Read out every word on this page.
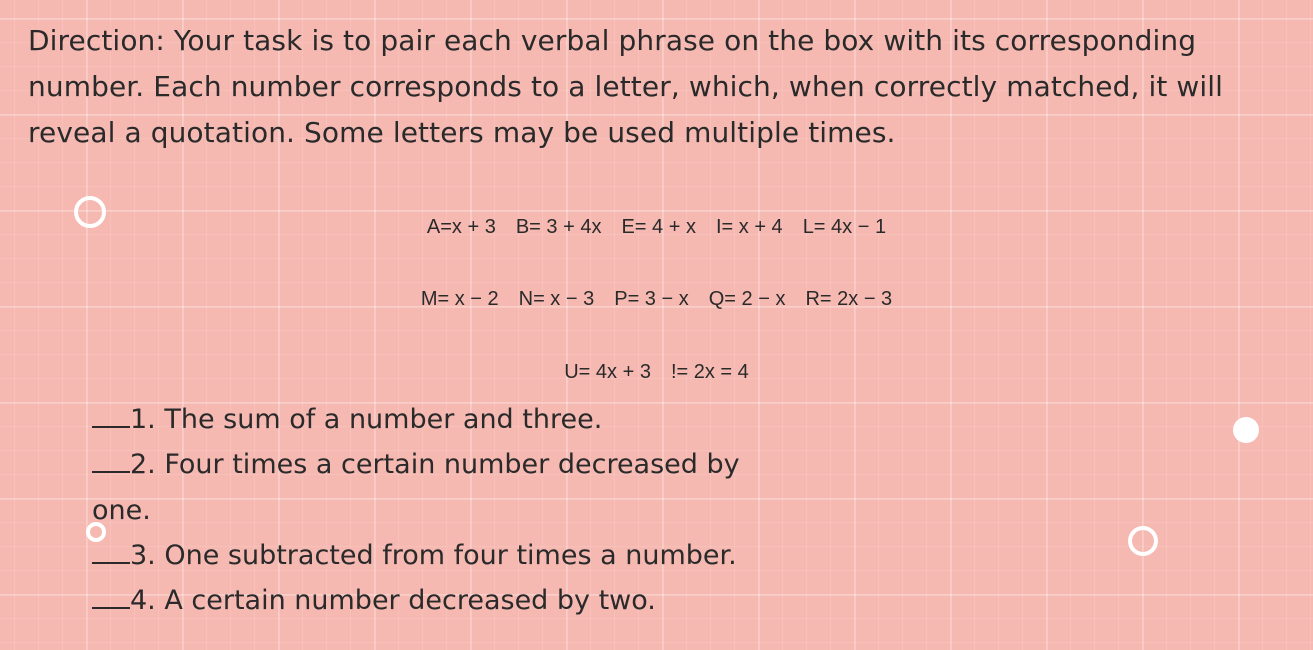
Direction: Your task is to pair each verbal phrase on the box with its corresponding number. Each number corresponds to a letter, which, when correctly matched, it will reveal a quotation. Some letters may be used multiple times.

A=x + 3 B= 3 + 4x E= 4 + x I= x + 4 L= 4x − 1
M= x − 2 N= x − 3 P= 3 − x Q= 2 − x R= 2x − 3
U= 4x + 3 != 2x = 4
1. The sum of a number and three.
2. Four times a certain number decreased by
one.
3. One subtracted from four times a number.
4. A certain number decreased by two.
